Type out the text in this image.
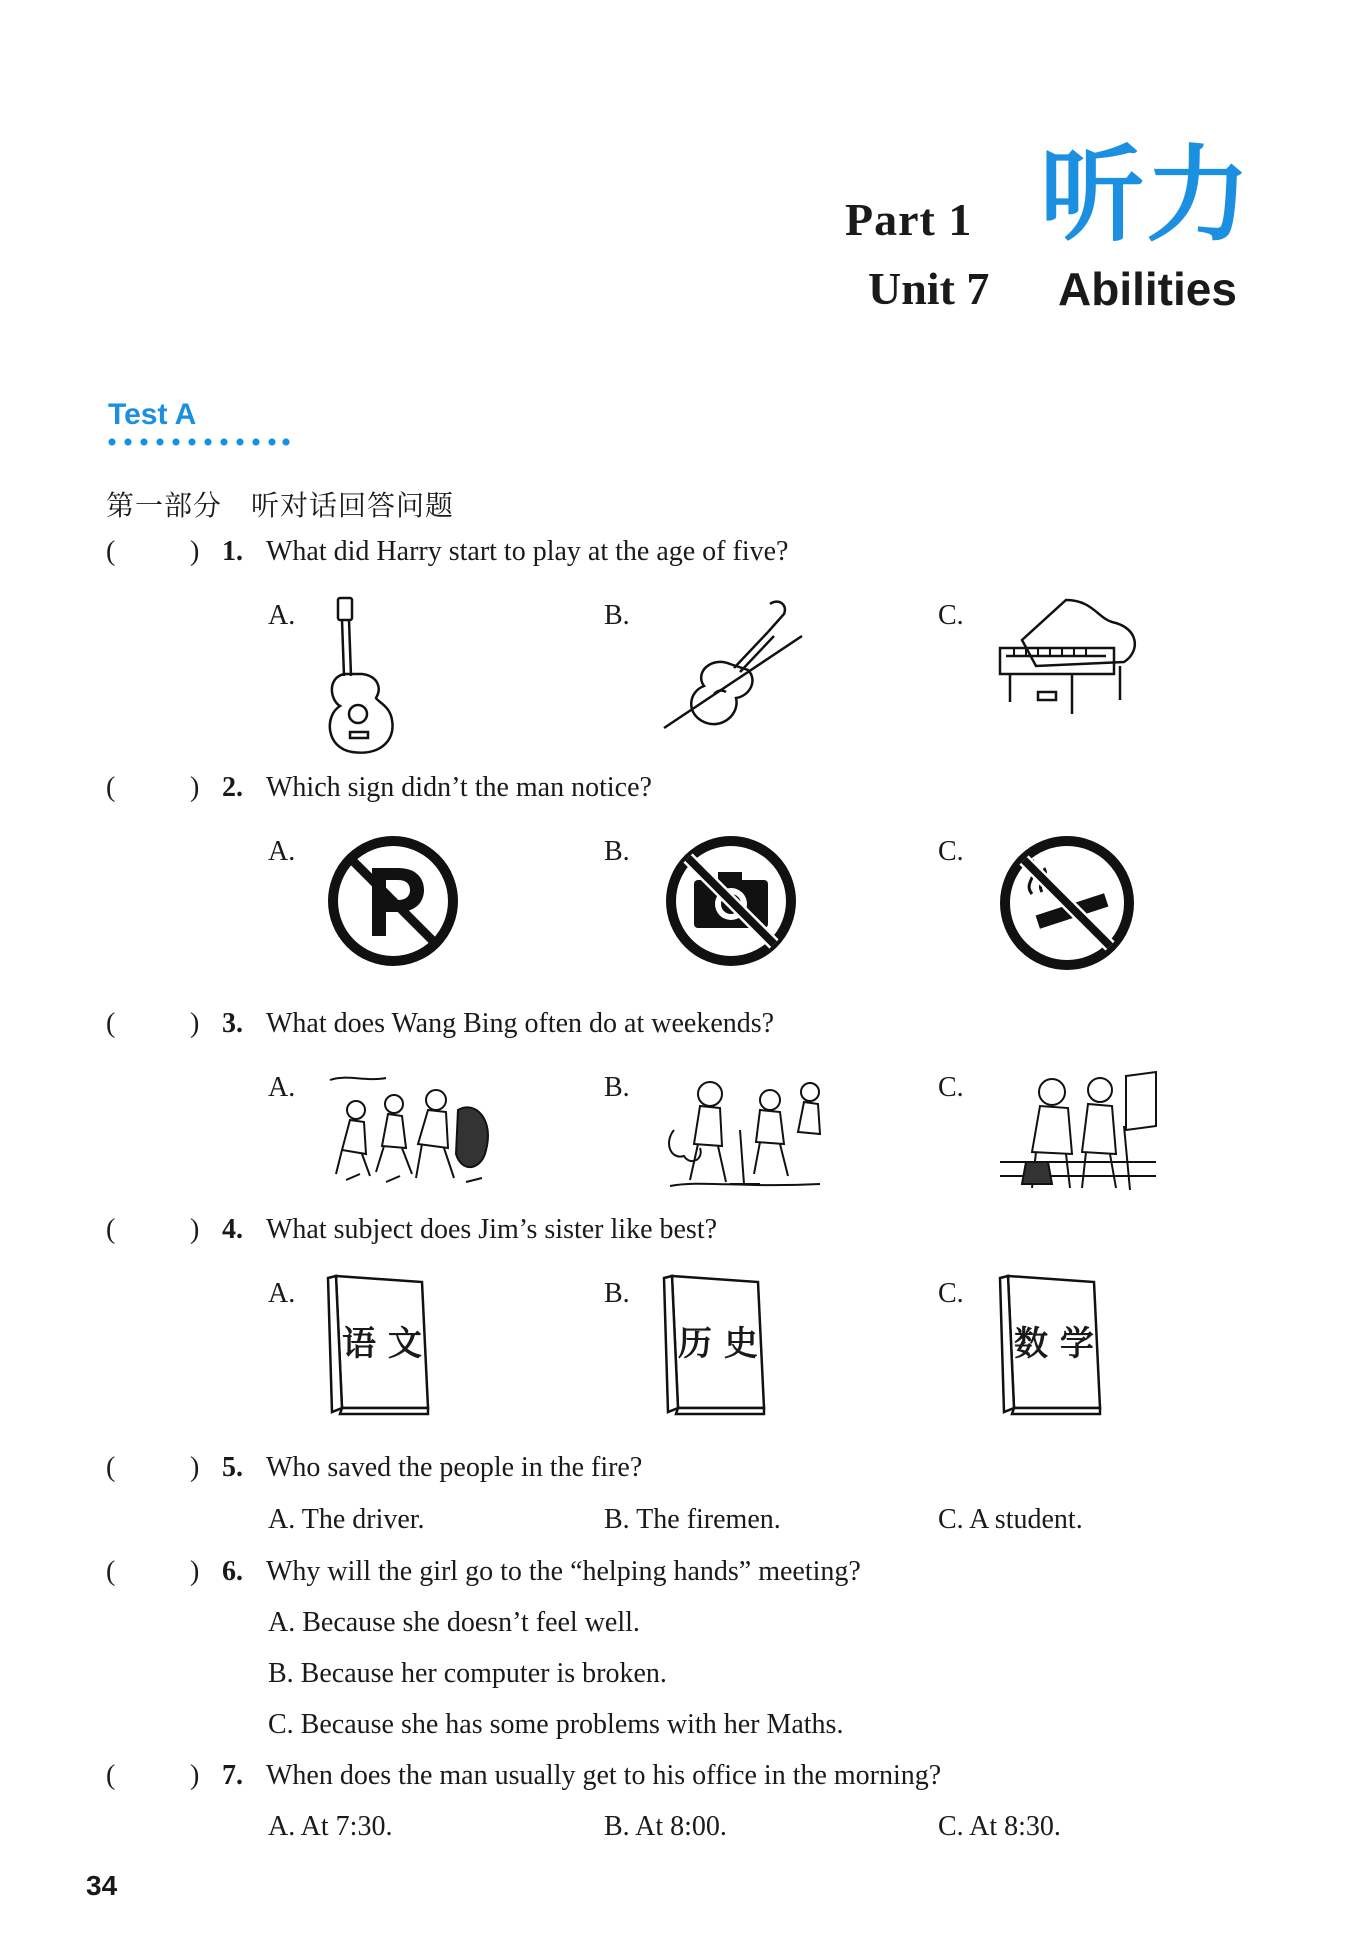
Part 1 听力
Unit 7 Abilities
Test A
第一部分　听对话回答问题
(	) 1. What did Harry start to play at the age of five?
A.	B.	C.
(	) 2. Which sign didn’t the man notice?
A.	B.	C.
(	) 3. What does Wang Bing often do at weekends?
A.	B.	C.
(	) 4. What subject does Jim’s sister like best?
A.	B.	C.
语 文	历 史	数 学
(	) 5. Who saved the people in the fire?
A. The driver.	B. The firemen.	C. A student.
(	) 6. Why will the girl go to the “helping hands” meeting?
A. Because she doesn’t feel well.
B. Because her computer is broken.
C. Because she has some problems with her Maths.
(	) 7. When does the man usually get to his office in the morning?
A. At 7:30.	B. At 8:00.	C. At 8:30.
34
